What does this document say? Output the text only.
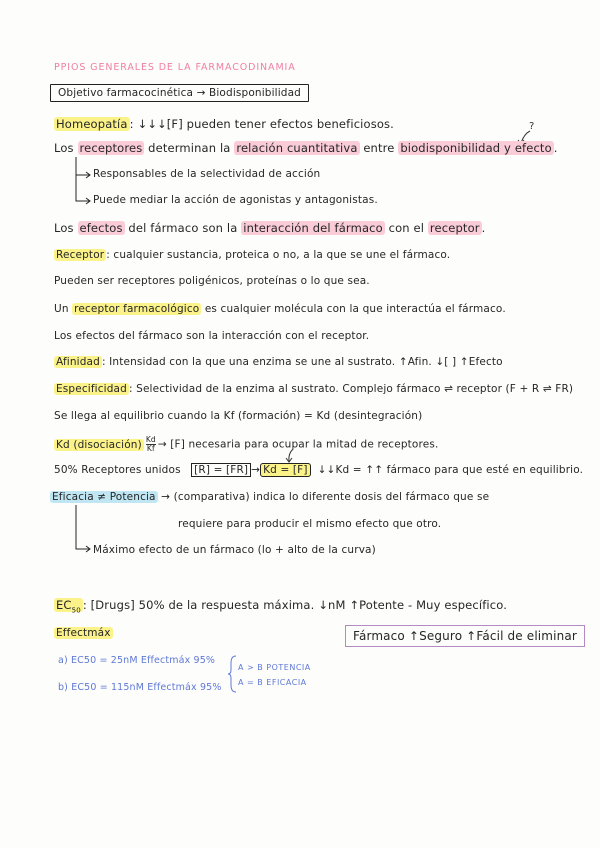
PPIOS GENERALES DE LA FARMACODINAMIA
Objetivo farmacocinética → Biodisponibilidad
Homeopatía : ↓↓↓[F] pueden tener efectos beneficiosos.	?
Los receptores determinan la relación cuantitativa entre biodisponibilidad y efecto .
Responsables de la selectividad de acción
Puede mediar la acción de agonistas y antagonistas.
Los efectos del fármaco son la interacción del fármaco con el receptor .
Receptor : cualquier sustancia, proteica o no, a la que se une el fármaco.
Pueden ser receptores poligénicos, proteínas o lo que sea.
Un receptor farmacológico es cualquier molécula con la que interactúa el fármaco.
Los efectos del fármaco son la interacción con el receptor.
Afinidad : Intensidad con la que una enzima se une al sustrato. ↑Afin. ↓[ ] ↑Efecto
Especificidad : Selectividad de la enzima al sustrato. Complejo fármaco ⇌ receptor (F + R ⇌ FR)
Se llega al equilibrio cuando la Kf (formación) = Kd (desintegración)
Kd (disociación) $\frac{Kd}{Kf} \to [F]$ necesaria para ocupar la mitad de receptores.
50% Receptores unidos [R] = [FR] → Kd = [F] ↓↓Kd = ↑↑ fármaco para que esté en equilibrio.
Eficacia ≠ Potencia → (comparativa) indica lo diferente dosis del fármaco que se
requiere para producir el mismo efecto que otro.
Máximo efecto de un fármaco (lo + alto de la curva)
$EC_{50}$ : [Drugs] 50% de la respuesta máxima. ↓nM ↑Potente - Muy específico.
Effectmáx	Fármaco ↑Seguro ↑Fácil de eliminar
a) EC50 = 25nM Effectmáx 95%
b) EC50 = 115nM Effectmáx 95%
A > B POTENCIA
A = B EFICACIA
